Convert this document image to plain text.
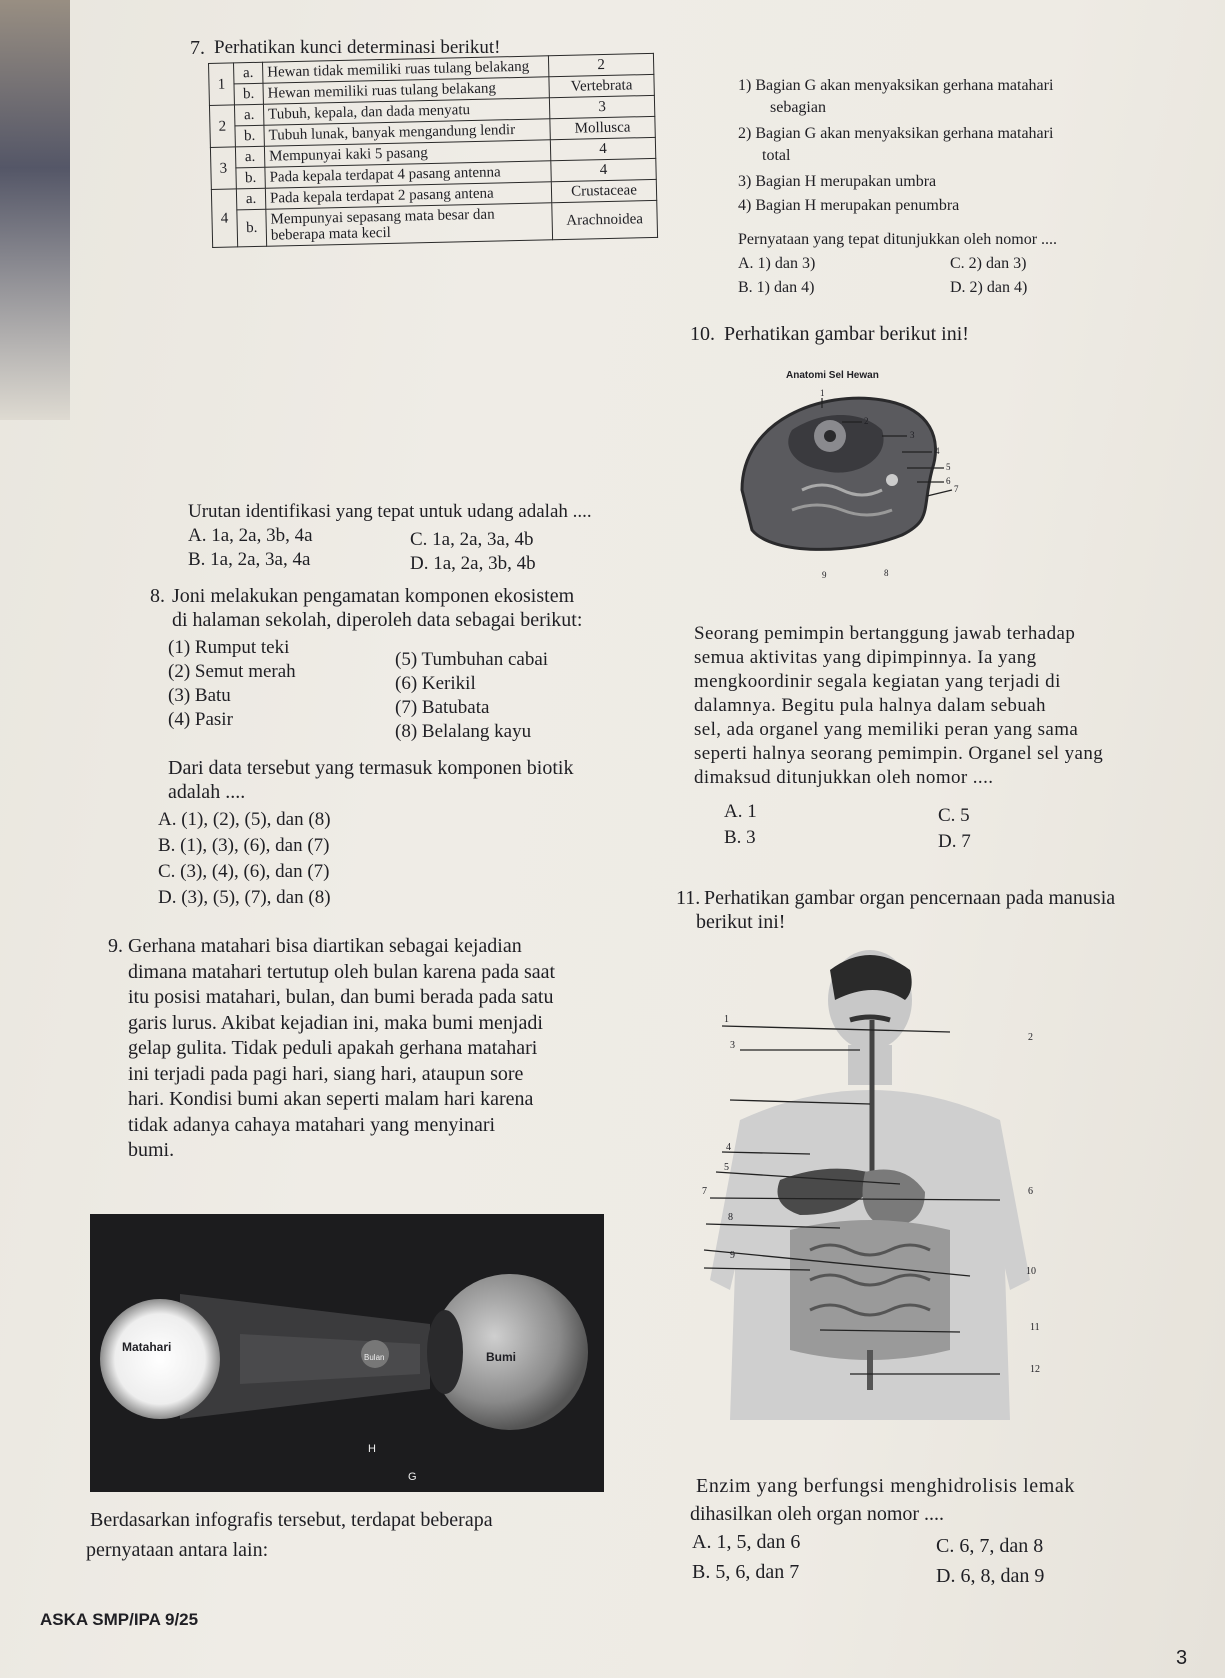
7. Perhatikan kunci determinasi berikut!
1	a.	Hewan tidak memiliki ruas tulang belakang	2
	b.	Hewan memiliki ruas tulang belakang	Vertebrata
2	a.	Tubuh, kepala, dan dada menyatu	3
	b.	Tubuh lunak, banyak mengandung lendir	Mollusca
3	a.	Mempunyai kaki 5 pasang	4
	b.	Pada kepala terdapat 4 pasang antenna	4
4	a.	Pada kepala terdapat 2 pasang antena	Crustaceae
	b.	Mempunyai sepasang mata besar dan beberapa mata kecil	Arachnoidea
Urutan identifikasi yang tepat untuk udang adalah ....
A. 1a, 2a, 3b, 4a
B. 1a, 2a, 3a, 4a
C. 1a, 2a, 3a, 4b
D. 1a, 2a, 3b, 4b
8. Joni melakukan pengamatan komponen ekosistem
di halaman sekolah, diperoleh data sebagai berikut:
(1) Rumput teki
(2) Semut merah
(3) Batu
(4) Pasir
(5) Tumbuhan cabai
(6) Kerikil
(7) Batubata
(8) Belalang kayu
Dari data tersebut yang termasuk komponen biotik
adalah ....
A. (1), (2), (5), dan (8)
B. (1), (3), (6), dan (7)
C. (3), (4), (6), dan (7)
D. (3), (5), (7), dan (8)
9. Gerhana matahari bisa diartikan sebagai kejadian
dimana matahari tertutup oleh bulan karena pada saat
itu posisi matahari, bulan, dan bumi berada pada satu
garis lurus. Akibat kejadian ini, maka bumi menjadi
gelap gulita. Tidak peduli apakah gerhana matahari
ini terjadi pada pagi hari, siang hari, ataupun sore
hari. Kondisi bumi akan seperti malam hari karena
tidak adanya cahaya matahari yang menyinari
bumi.
Matahari
Bulan	Bumi
H
G
Berdasarkan infografis tersebut, terdapat beberapa
pernyataan antara lain:
1) Bagian G akan menyaksikan gerhana matahari
sebagian
2) Bagian G akan menyaksikan gerhana matahari
total
3) Bagian H merupakan umbra
4) Bagian H merupakan penumbra
Pernyataan yang tepat ditunjukkan oleh nomor ....
A. 1) dan 3)
B. 1) dan 4)
C. 2) dan 3)
D. 2) dan 4)
10. Perhatikan gambar berikut ini!
Anatomi Sel Hewan
1
2
3
4
5
6
7
9	8
Seorang pemimpin bertanggung jawab terhadap
semua aktivitas yang dipimpinnya. Ia yang
mengkoordinir segala kegiatan yang terjadi di
dalamnya. Begitu pula halnya dalam sebuah
sel, ada organel yang memiliki peran yang sama
seperti halnya seorang pemimpin. Organel sel yang
dimaksud ditunjukkan oleh nomor ....
A. 1
B. 3
C. 5
D. 7
11. Perhatikan gambar organ pencernaan pada manusia
berikut ini!
1
2
3
4
5
6
7
8
9
10
11
12
Enzim yang berfungsi menghidrolisis lemak
dihasilkan oleh organ nomor ....
A. 1, 5, dan 6
B. 5, 6, dan 7
C. 6, 7, dan 8
D. 6, 8, dan 9
ASKA SMP/IPA 9/25
3
